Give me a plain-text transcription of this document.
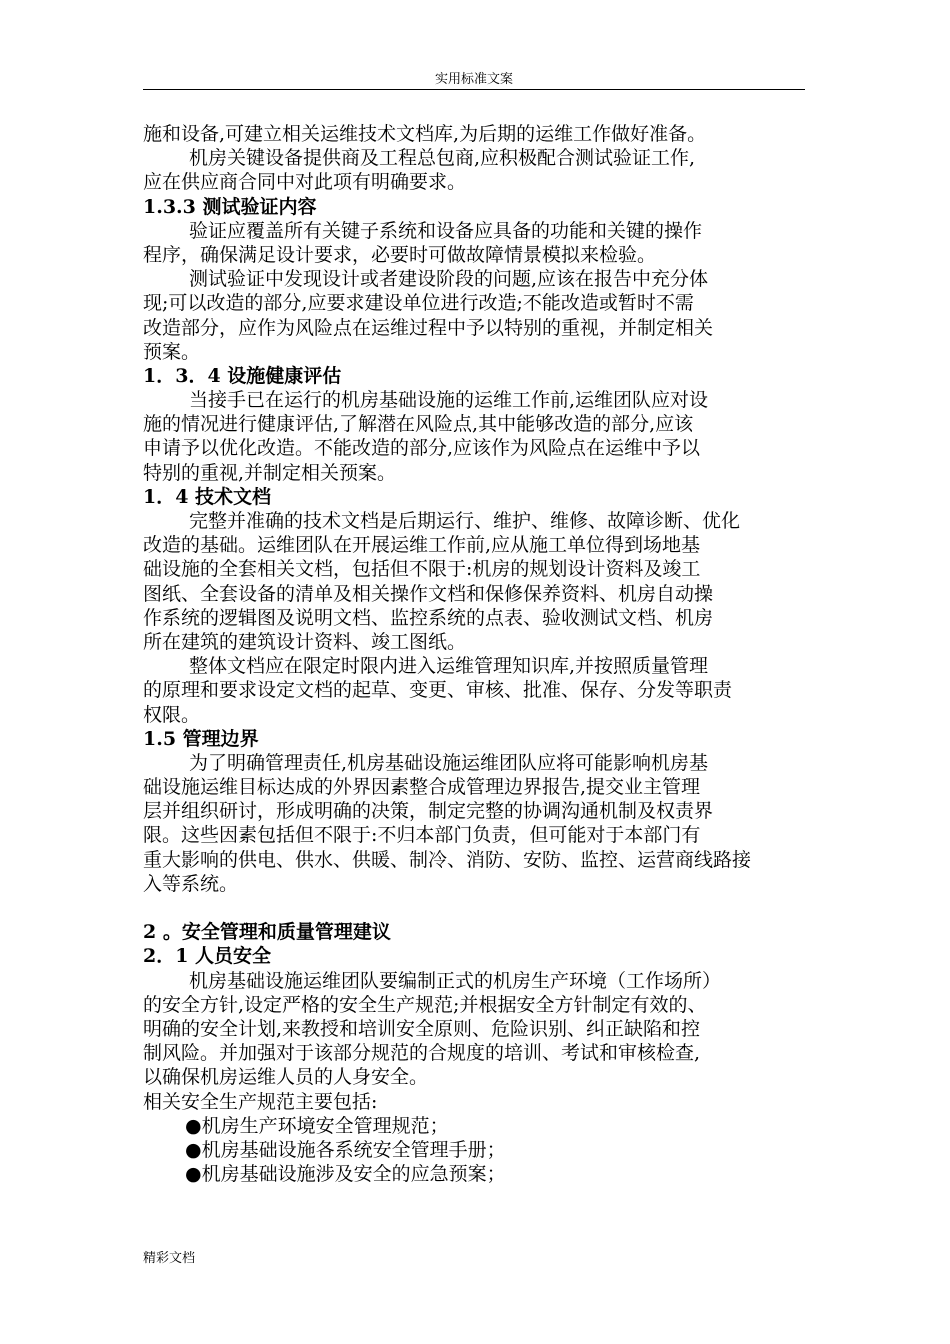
实用标准文案
施和设备,可建立相关运维技术文档库,为后期的运维工作做好准备。
机房关键设备提供商及工程总包商,应积极配合测试验证工作,
应在供应商合同中对此项有明确要求。
1.3.3 测试验证内容
验证应覆盖所有关键子系统和设备应具备的功能和关键的操作
程序，确保满足设计要求，必要时可做故障情景模拟来检验。
测试验证中发现设计或者建设阶段的问题,应该在报告中充分体
现;可以改造的部分,应要求建设单位进行改造;不能改造或暂时不需
改造部分，应作为风险点在运维过程中予以特别的重视，并制定相关
预案。
1．3．4 设施健康评估
当接手已在运行的机房基础设施的运维工作前,运维团队应对设
施的情况进行健康评估,了解潜在风险点,其中能够改造的部分,应该
申请予以优化改造。不能改造的部分,应该作为风险点在运维中予以
特别的重视,并制定相关预案。
1．4 技术文档
完整并准确的技术文档是后期运行、维护、维修、故障诊断、优化
改造的基础。运维团队在开展运维工作前,应从施工单位得到场地基
础设施的全套相关文档，包括但不限于:机房的规划设计资料及竣工
图纸、全套设备的清单及相关操作文档和保修保养资料、机房自动操
作系统的逻辑图及说明文档、监控系统的点表、验收测试文档、机房
所在建筑的建筑设计资料、竣工图纸。
整体文档应在限定时限内进入运维管理知识库,并按照质量管理
的原理和要求设定文档的起草、变更、审核、批准、保存、分发等职责
权限。
1.5 管理边界
为了明确管理责任,机房基础设施运维团队应将可能影响机房基
础设施运维目标达成的外界因素整合成管理边界报告,提交业主管理
层并组织研讨，形成明确的决策，制定完整的协调沟通机制及权责界
限。这些因素包括但不限于:不归本部门负责，但可能对于本部门有
重大影响的供电、供水、供暖、制冷、消防、安防、监控、运营商线路接
入等系统。
2 。安全管理和质量管理建议
2．1 人员安全
机房基础设施运维团队要编制正式的机房生产环境（工作场所）
的安全方针,设定严格的安全生产规范;并根据安全方针制定有效的、
明确的安全计划,来教授和培训安全原则、危险识别、纠正缺陷和控
制风险。并加强对于该部分规范的合规度的培训、考试和审核检查,
以确保机房运维人员的人身安全。
相关安全生产规范主要包括:
●机房生产环境安全管理规范；
●机房基础设施各系统安全管理手册；
●机房基础设施涉及安全的应急预案；
精彩文档
